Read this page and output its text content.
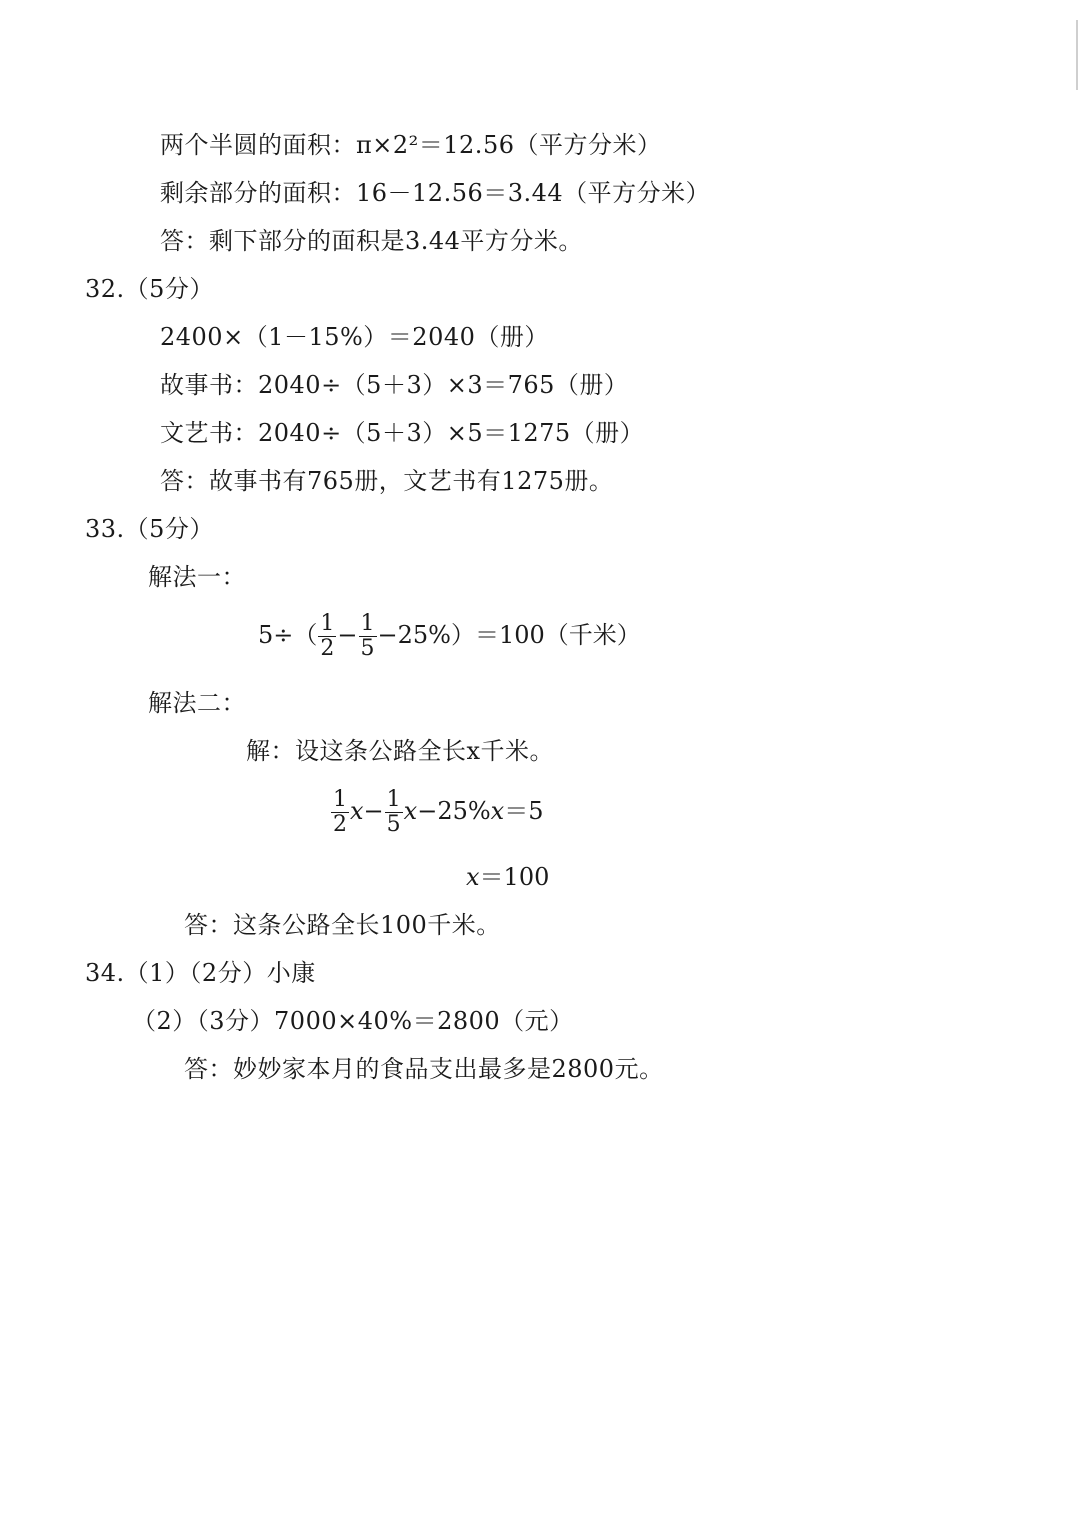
两个半圆的面积：π×2²＝12.56（平方分米）
剩余部分的面积：16－12.56＝3.44（平方分米）
答：剩下部分的面积是3.44平方分米。
32.（5分）
2400×（1－15%）＝2040（册）
故事书：2040÷（5＋3）×3＝765（册）
文艺书：2040÷（5＋3）×5＝1275（册）
答：故事书有765册，文艺书有1275册。
33.（5分）
解法一：
$5\div( \frac{1}{2} - \frac{1}{5} -25\%)=100$（千米）
解法二：
解：设这条公路全长x千米。
$\frac{1}{2} x- \frac{1}{5} x-25\%x=5$
x＝100
答：这条公路全长100千米。
34.（1）（2分）小康
（2）（3分）7000×40%＝2800（元）
答：妙妙家本月的食品支出最多是2800元。
